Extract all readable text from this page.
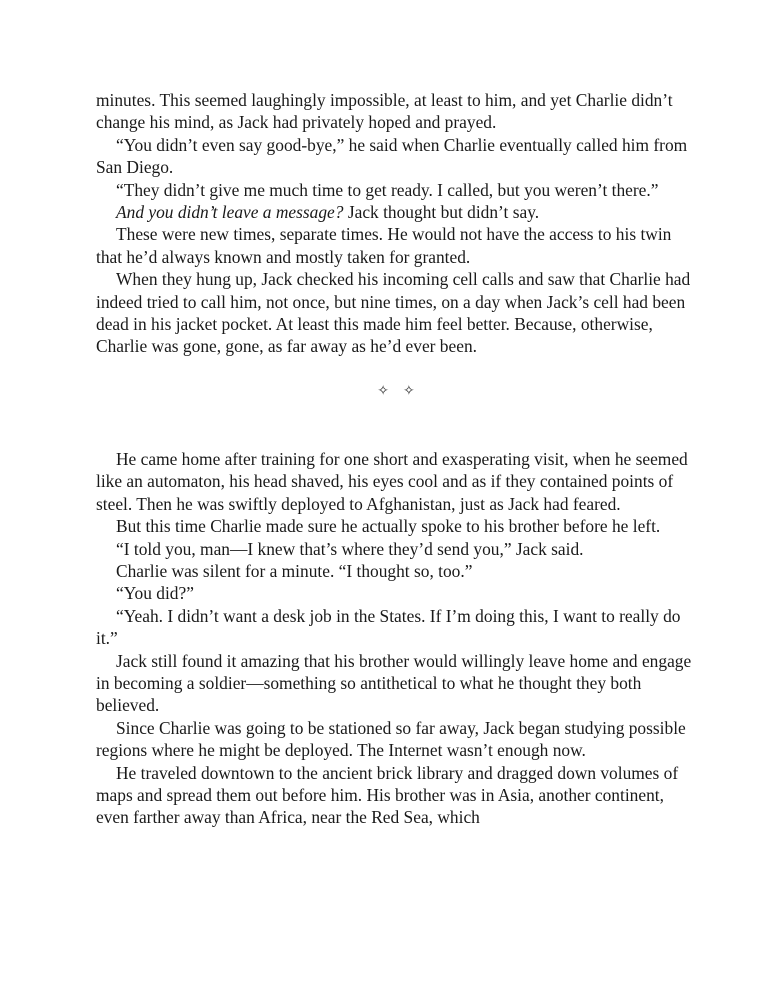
minutes. This seemed laughingly impossible, at least to him, and yet Charlie didn’t change his mind, as Jack had privately hoped and prayed.

“You didn’t even say good-bye,” he said when Charlie eventually called him from San Diego.

“They didn’t give me much time to get ready. I called, but you weren’t there.”

And you didn’t leave a message? Jack thought but didn’t say.

These were new times, separate times. He would not have the access to his twin that he’d always known and mostly taken for granted.

When they hung up, Jack checked his incoming cell calls and saw that Charlie had indeed tried to call him, not once, but nine times, on a day when Jack’s cell had been dead in his jacket pocket. At least this made him feel better. Because, otherwise, Charlie was gone, gone, as far away as he’d ever been.

✧ ✧

He came home after training for one short and exasperating visit, when he seemed like an automaton, his head shaved, his eyes cool and as if they contained points of steel. Then he was swiftly deployed to Afghanistan, just as Jack had feared.

But this time Charlie made sure he actually spoke to his brother before he left.

“I told you, man—I knew that’s where they’d send you,” Jack said.

Charlie was silent for a minute. “I thought so, too.”

“You did?”

“Yeah. I didn’t want a desk job in the States. If I’m doing this, I want to really do it.”

Jack still found it amazing that his brother would willingly leave home and engage in becoming a soldier—something so antithetical to what he thought they both believed.

Since Charlie was going to be stationed so far away, Jack began studying possible regions where he might be deployed. The Internet wasn’t enough now.

He traveled downtown to the ancient brick library and dragged down volumes of maps and spread them out before him. His brother was in Asia, another continent, even farther away than Africa, near the Red Sea, which
